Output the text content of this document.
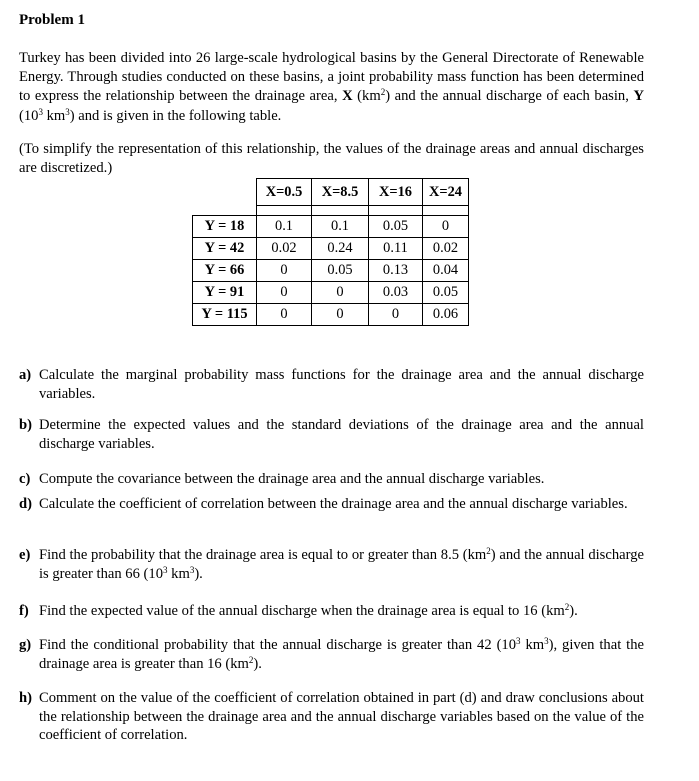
Problem 1
Turkey has been divided into 26 large-scale hydrological basins by the General Directorate of Renewable Energy. Through studies conducted on these basins, a joint probability mass function has been determined to express the relationship between the drainage area, X $(km^2)$ and the annual discharge of each basin, Y ($10^3$ $km^3$) and is given in the following table.
(To simplify the representation of this relationship, the values of the drainage areas and annual discharges are discretized.)
	X=0.5	X=8.5	X=16	X=24

Y = 18	0.1	0.1	0.05	0
Y = 42	0.02	0.24	0.11	0.02
Y = 66	0	0.05	0.13	0.04
Y = 91	0	0	0.03	0.05
Y = 115	0	0	0	0.06
a) Calculate the marginal probability mass functions for the drainage area and the annual discharge variables.
b) Determine the expected values and the standard deviations of the drainage area and the annual discharge variables.
c) Compute the covariance between the drainage area and the annual discharge variables.
d) Calculate the coefficient of correlation between the drainage area and the annual discharge variables.
e) Find the probability that the drainage area is equal to or greater than 8.5 $(km^2)$ and the annual discharge is greater than 66 ($10^3$ $km^3$).
f) Find the expected value of the annual discharge when the drainage area is equal to 16 $(km^2)$.
g) Find the conditional probability that the annual discharge is greater than 42 ($10^3$ $km^3$), given that the drainage area is greater than 16 $(km^2)$.
h) Comment on the value of the coefficient of correlation obtained in part (d) and draw conclusions about the relationship between the drainage area and the annual discharge variables based on the value of the coefficient of correlation.
